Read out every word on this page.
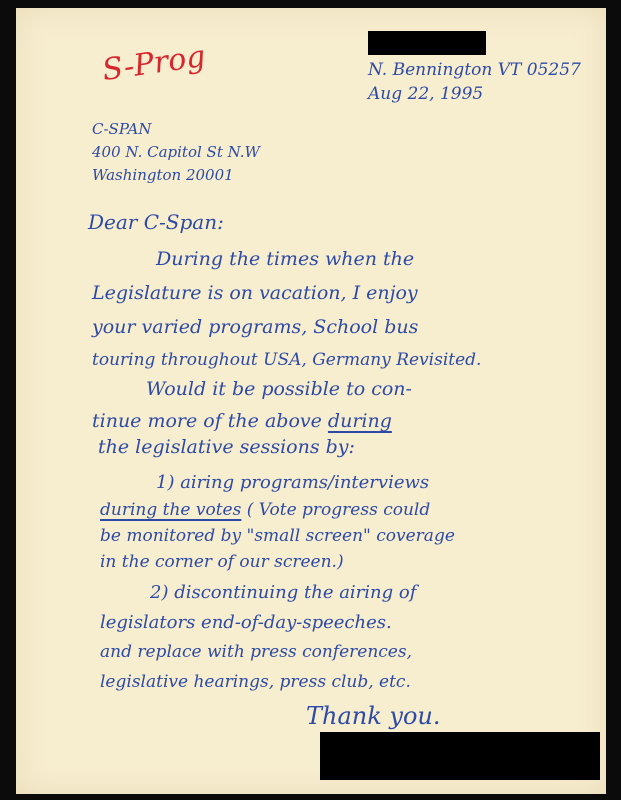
S-Prog	N. Bennington VT 05257

Aug 22, 1995

C-SPAN

400 N. Capitol St N.W

Washington 20001

Dear C-Span:

During the times when the

Legislature is on vacation, I enjoy

your varied programs, School bus

touring throughout USA, Germany Revisited.

Would it be possible to con-

tinue more of the above during

the legislative sessions by:

1) airing programs/interviews

during the votes ( Vote progress could

be monitored by "small screen" coverage

in the corner of our screen.)

2) discontinuing the airing of

legislators end-of-day-speeches.

and replace with press conferences,

legislative hearings, press club, etc.

Thank you.
